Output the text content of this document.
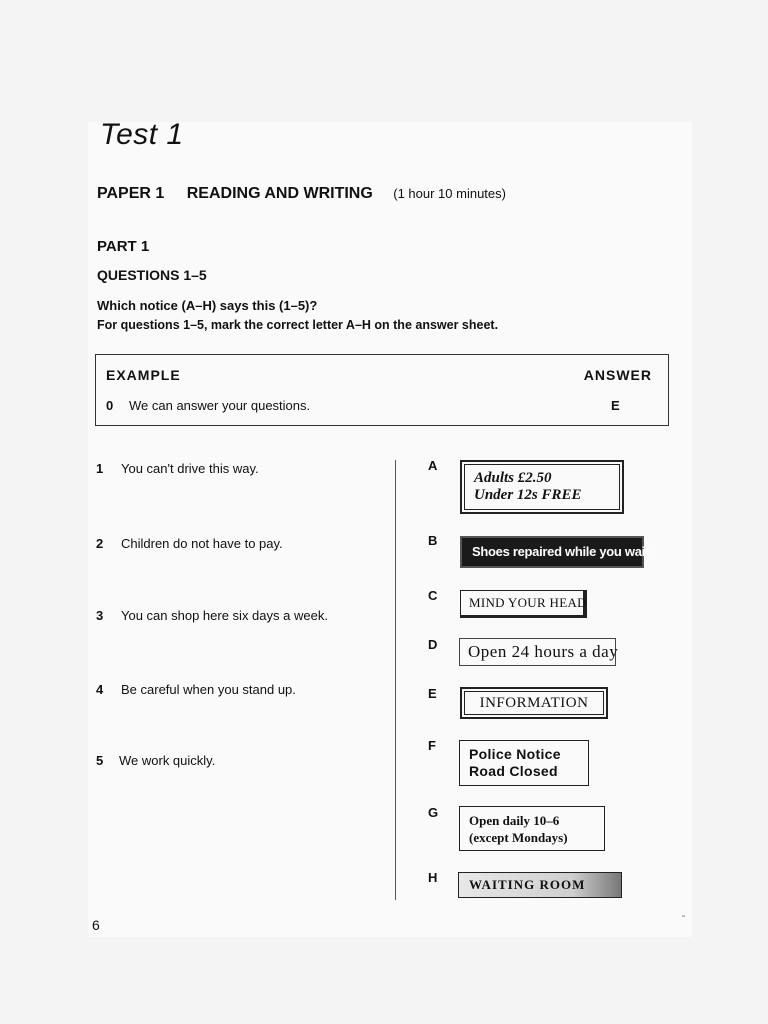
Test 1
PAPER 1 READING AND WRITING (1 hour 10 minutes)
PART 1
QUESTIONS 1–5
Which notice (A–H) says this (1–5)?
For questions 1–5, mark the correct letter A–H on the answer sheet.
EXAMPLE	ANSWER
0 We can answer your questions.	E
1 You can't drive this way.
2 Children do not have to pay.
3 You can shop here six days a week.
4 Be careful when you stand up.
5 We work quickly.
A
B
C
D
E
F
G
H
Adults £2.50
Under 12s FREE
Shoes repaired while you wait
MIND YOUR HEAD
Open 24 hours a day
INFORMATION
Police Notice
Road Closed
Open daily 10–6
(except Mondays)
WAITING ROOM
6	˜
